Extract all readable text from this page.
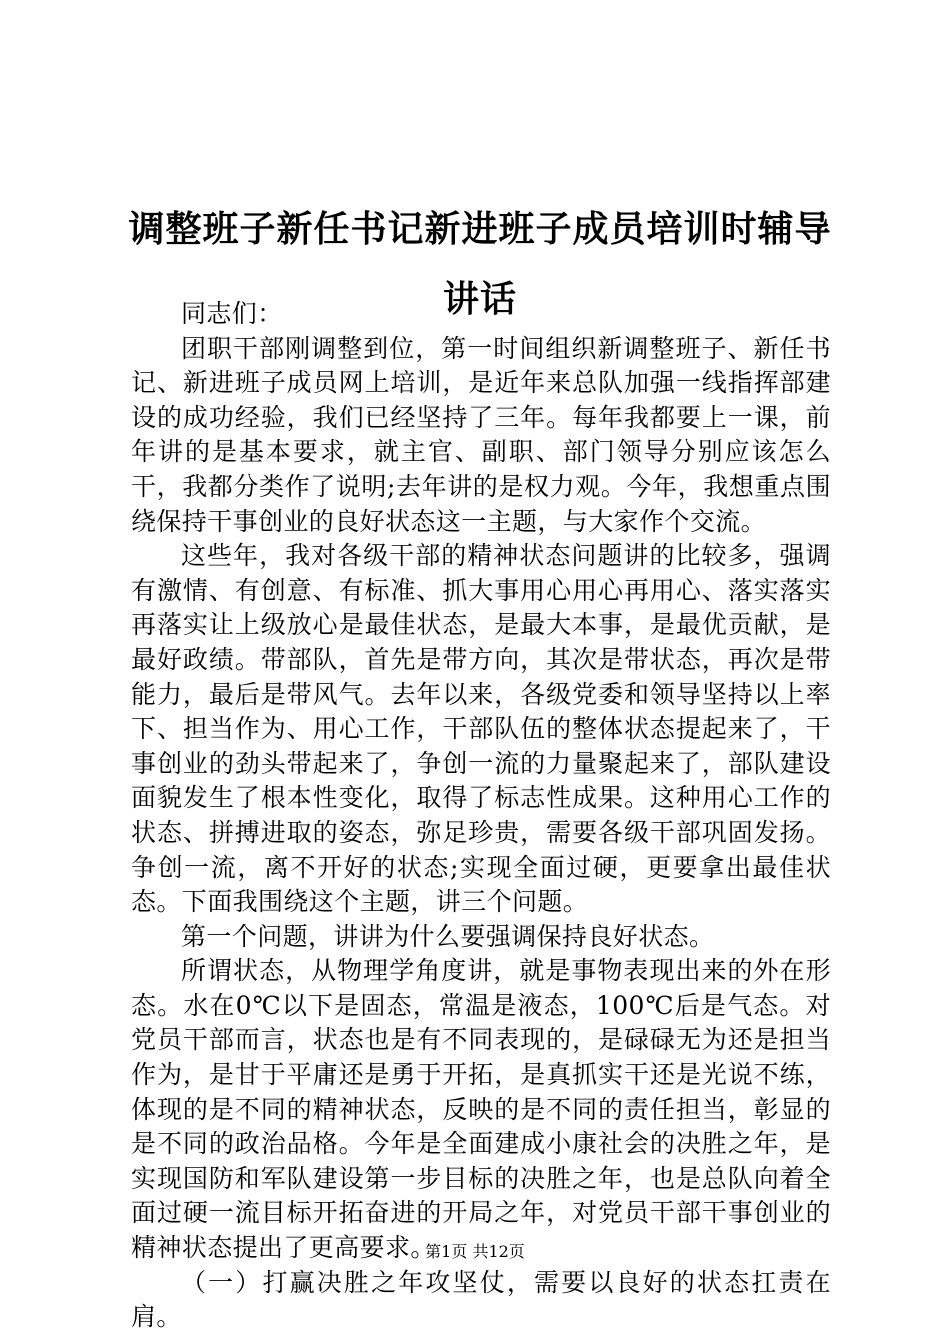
调整班子新任书记新进班子成员培训时辅导讲话

同志们：

团职干部刚调整到位，第一时间组织新调整班子、新任书记、新进班子成员网上培训，是近年来总队加强一线指挥部建设的成功经验，我们已经坚持了三年。每年我都要上一课，前年讲的是基本要求，就主官、副职、部门领导分别应该怎么干，我都分类作了说明;去年讲的是权力观。今年，我想重点围绕保持干事创业的良好状态这一主题，与大家作个交流。

这些年，我对各级干部的精神状态问题讲的比较多，强调有激情、有创意、有标准、抓大事用心用心再用心、落实落实再落实让上级放心是最佳状态，是最大本事，是最优贡献，是最好政绩。带部队，首先是带方向，其次是带状态，再次是带能力，最后是带风气。去年以来，各级党委和领导坚持以上率下、担当作为、用心工作，干部队伍的整体状态提起来了，干事创业的劲头带起来了，争创一流的力量聚起来了，部队建设面貌发生了根本性变化，取得了标志性成果。这种用心工作的状态、拼搏进取的姿态，弥足珍贵，需要各级干部巩固发扬。争创一流，离不开好的状态;实现全面过硬，更要拿出最佳状态。下面我围绕这个主题，讲三个问题。

第一个问题，讲讲为什么要强调保持良好状态。

所谓状态，从物理学角度讲，就是事物表现出来的外在形态。水在0℃以下是固态，常温是液态，100℃后是气态。对党员干部而言，状态也是有不同表现的，是碌碌无为还是担当作为，是甘于平庸还是勇于开拓，是真抓实干还是光说不练，体现的是不同的精神状态，反映的是不同的责任担当，彰显的是不同的政治品格。今年是全面建成小康社会的决胜之年，是实现国防和军队建设第一步目标的决胜之年，也是总队向着全面过硬一流目标开拓奋进的开局之年，对党员干部干事创业的精神状态提出了更高要求。

（一）打赢决胜之年攻坚仗，需要以良好的状态扛责在肩。

第1页 共12页
